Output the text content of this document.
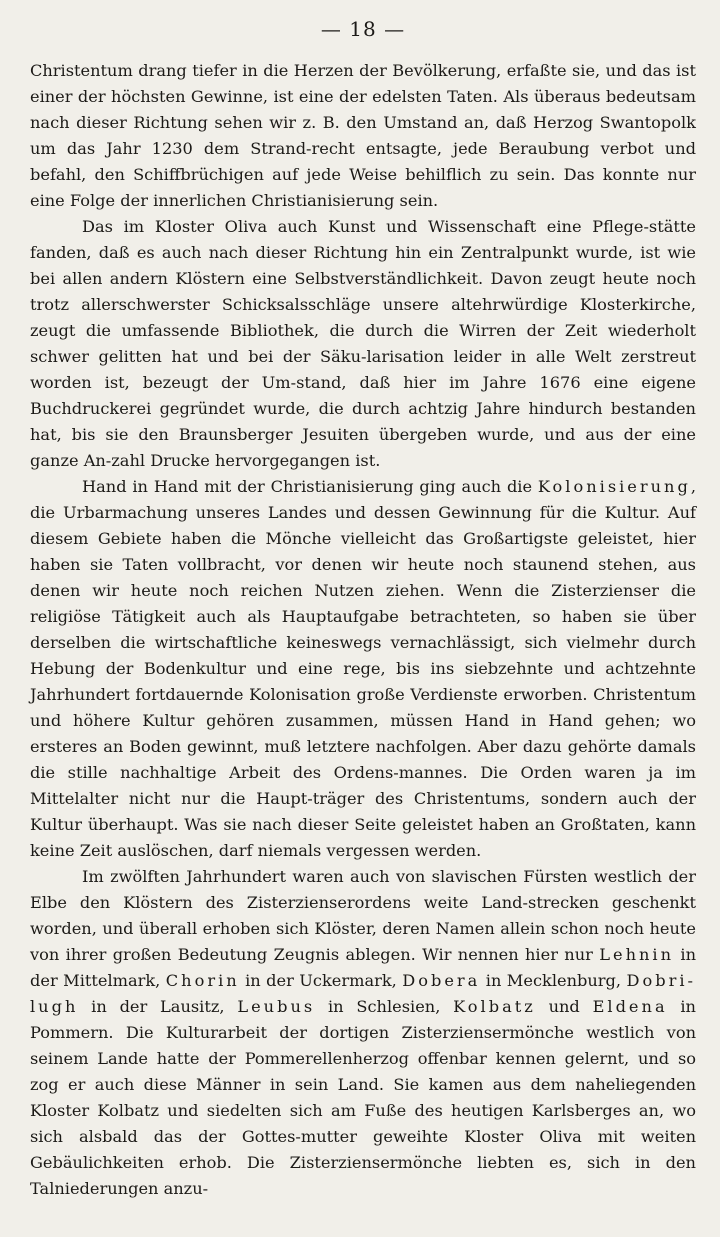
— 18 —

Christentum drang tiefer in die Herzen der Bevölkerung, erfaßte sie, und das ist einer der höchsten Gewinne, ist eine der edelsten Taten. Als überaus bedeutsam nach dieser Richtung sehen wir z. B. den Umstand an, daß Herzog Swantopolk um das Jahr 1230 dem Strand-recht entsagte, jede Beraubung verbot und befahl, den Schiffbrüchigen auf jede Weise behilflich zu sein. Das konnte nur eine Folge der innerlichen Christianisierung sein.

Das im Kloster Oliva auch Kunst und Wissenschaft eine Pflege-stätte fanden, daß es auch nach dieser Richtung hin ein Zentralpunkt wurde, ist wie bei allen andern Klöstern eine Selbstverständlichkeit. Davon zeugt heute noch trotz allerschwerster Schicksalsschläge unsere altehrwürdige Klosterkirche, zeugt die umfassende Bibliothek, die durch die Wirren der Zeit wiederholt schwer gelitten hat und bei der Säku-larisation leider in alle Welt zerstreut worden ist, bezeugt der Um-stand, daß hier im Jahre 1676 eine eigene Buchdruckerei gegründet wurde, die durch achtzig Jahre hindurch bestanden hat, bis sie den Braunsberger Jesuiten übergeben wurde, und aus der eine ganze An-zahl Drucke hervorgegangen ist.

Hand in Hand mit der Christianisierung ging auch die Kolonisierung, die Urbarmachung unseres Landes und dessen Gewinnung für die Kultur. Auf diesem Gebiete haben die Mönche vielleicht das Großartigste geleistet, hier haben sie Taten vollbracht, vor denen wir heute noch staunend stehen, aus denen wir heute noch reichen Nutzen ziehen. Wenn die Zisterzienser die religiöse Tätigkeit auch als Hauptaufgabe betrachteten, so haben sie über derselben die wirtschaftliche keineswegs vernachlässigt, sich vielmehr durch Hebung der Bodenkultur und eine rege, bis ins siebzehnte und achtzehnte Jahrhundert fortdauernde Kolonisation große Verdienste erworben. Christentum und höhere Kultur gehören zusammen, müssen Hand in Hand gehen; wo ersteres an Boden gewinnt, muß letztere nachfolgen. Aber dazu gehörte damals die stille nachhaltige Arbeit des Ordens-mannes. Die Orden waren ja im Mittelalter nicht nur die Haupt-träger des Christentums, sondern auch der Kultur überhaupt. Was sie nach dieser Seite geleistet haben an Großtaten, kann keine Zeit auslöschen, darf niemals vergessen werden.

Im zwölften Jahrhundert waren auch von slavischen Fürsten westlich der Elbe den Klöstern des Zisterzienserordens weite Land-strecken geschenkt worden, und überall erhoben sich Klöster, deren Namen allein schon noch heute von ihrer großen Bedeutung Zeugnis ablegen. Wir nennen hier nur Lehnin in der Mittelmark, Chorin in der Uckermark, Dobera in Mecklenburg, Dobri-lugh in der Lausitz, Leubus in Schlesien, Kolbatz und Eldena in Pommern. Die Kulturarbeit der dortigen Zisterziensermönche westlich von seinem Lande hatte der Pommerellenherzog offenbar kennen gelernt, und so zog er auch diese Männer in sein Land. Sie kamen aus dem naheliegenden Kloster Kolbatz und siedelten sich am Fuße des heutigen Karlsberges an, wo sich alsbald das der Gottes-mutter geweihte Kloster Oliva mit weiten Gebäulichkeiten erhob. Die Zisterziensermönche liebten es, sich in den Talniederungen anzu-
